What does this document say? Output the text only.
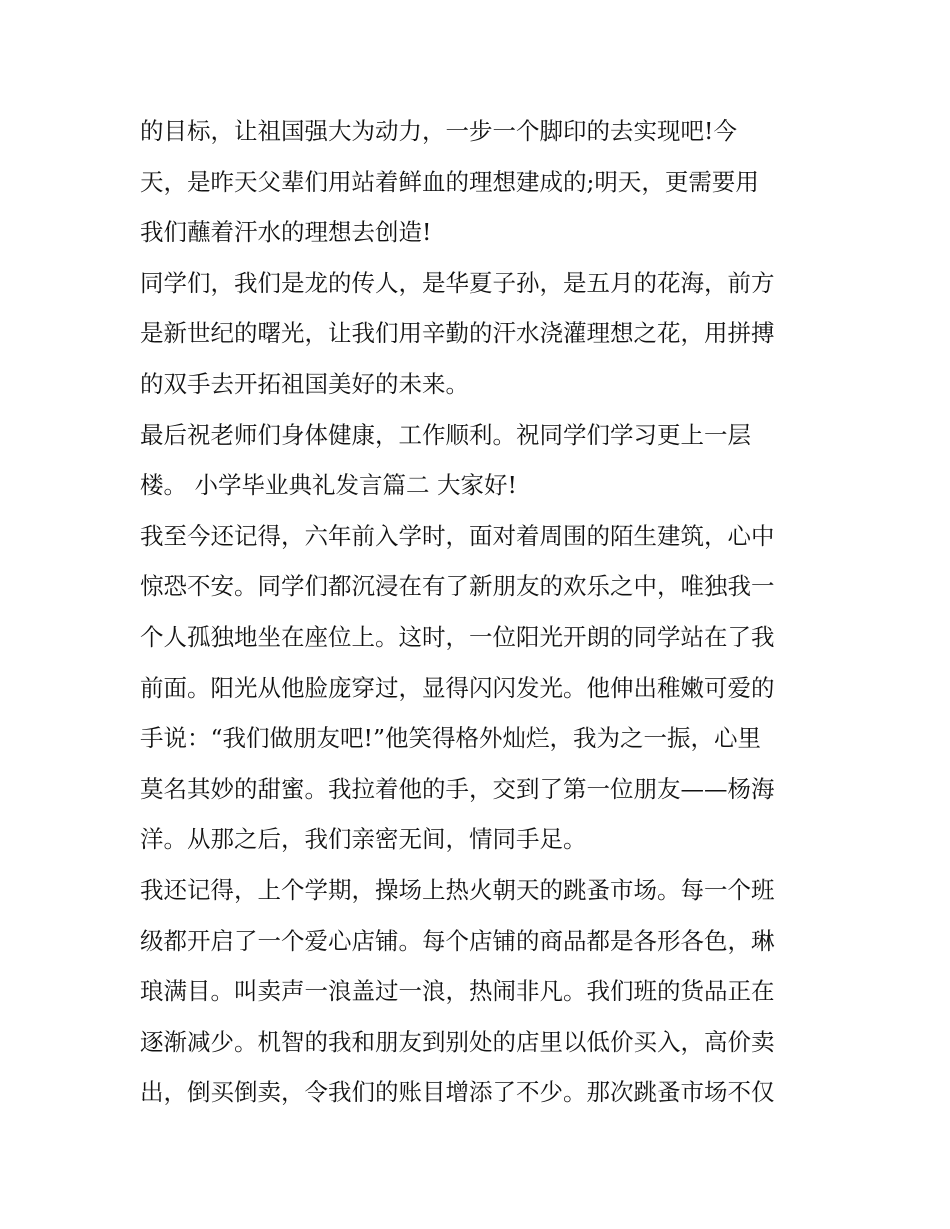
的目标，让祖国强大为动力，一步一个脚印的去实现吧!今
天，是昨天父辈们用站着鲜血的理想建成的;明天，更需要用
我们蘸着汗水的理想去创造!
同学们，我们是龙的传人，是华夏子孙，是五月的花海，前方
是新世纪的曙光，让我们用辛勤的汗水浇灌理想之花，用拼搏
的双手去开拓祖国美好的未来。
最后祝老师们身体健康，工作顺利。祝同学们学习更上一层
楼。 小学毕业典礼发言篇二 大家好!
我至今还记得，六年前入学时，面对着周围的陌生建筑，心中
惊恐不安。同学们都沉浸在有了新朋友的欢乐之中，唯独我一
个人孤独地坐在座位上。这时，一位阳光开朗的同学站在了我
前面。阳光从他脸庞穿过，显得闪闪发光。他伸出稚嫩可爱的
手说：“我们做朋友吧!”他笑得格外灿烂，我为之一振，心里
莫名其妙的甜蜜。我拉着他的手，交到了第一位朋友——杨海
洋。从那之后，我们亲密无间，情同手足。
我还记得，上个学期，操场上热火朝天的跳蚤市场。每一个班
级都开启了一个爱心店铺。每个店铺的商品都是各形各色，琳
琅满目。叫卖声一浪盖过一浪，热闹非凡。我们班的货品正在
逐渐减少。机智的我和朋友到别处的店里以低价买入，高价卖
出，倒买倒卖，令我们的账目增添了不少。那次跳蚤市场不仅
